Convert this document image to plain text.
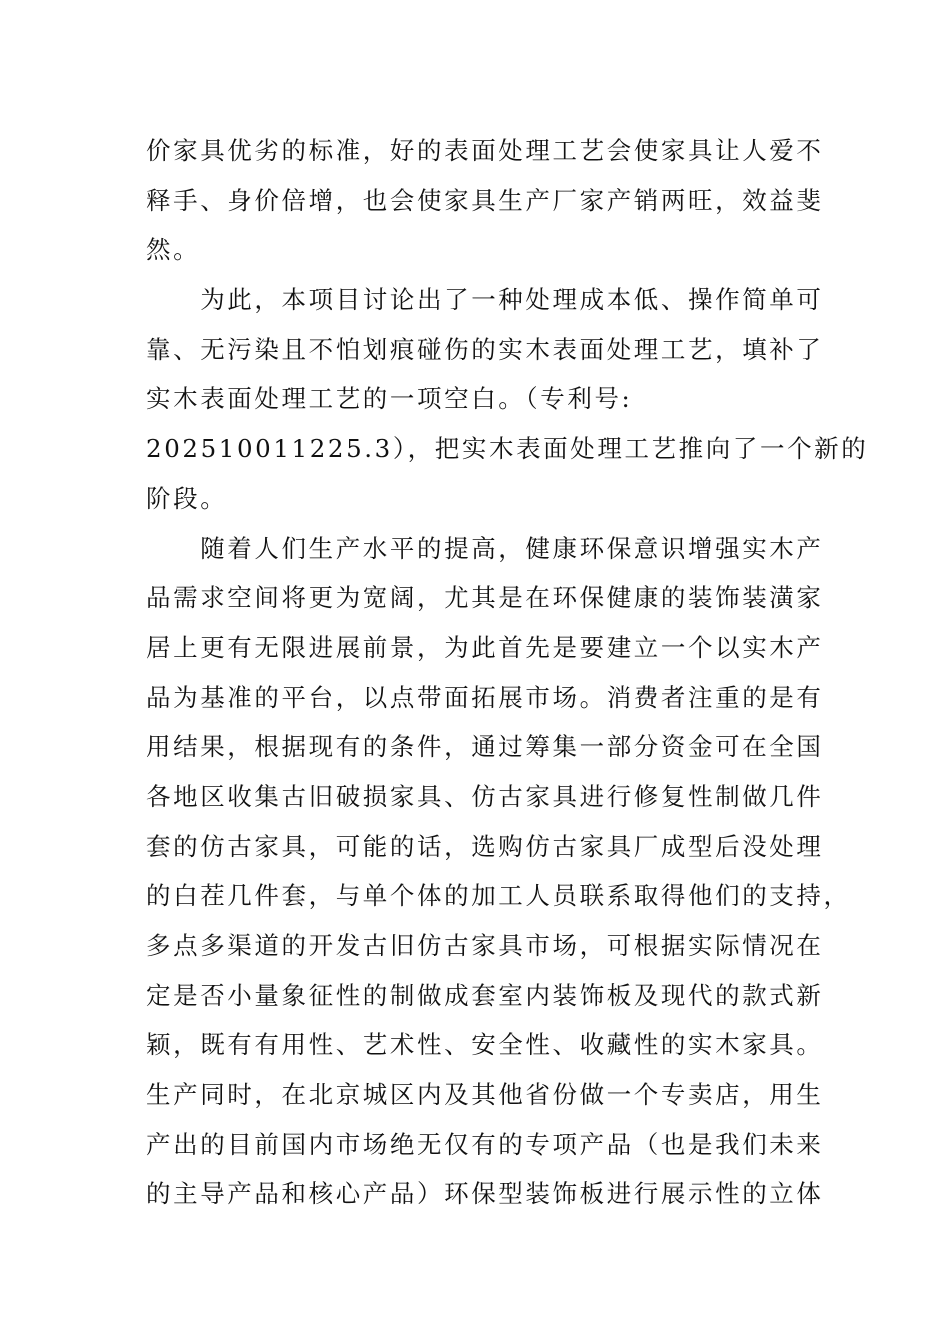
价家具优劣的标准，好的表面处理工艺会使家具让人爱不
释手、身价倍增，也会使家具生产厂家产销两旺，效益斐
然。
　　为此，本项目讨论出了一种处理成本低、操作简单可
靠、无污染且不怕划痕碰伤的实木表面处理工艺，填补了
实木表面处理工艺的一项空白。（专利号:
202510011225.3），把实木表面处理工艺推向了一个新的
阶段。
　　随着人们生产水平的提高，健康环保意识增强实木产
品需求空间将更为宽阔，尤其是在环保健康的装饰装潢家
居上更有无限进展前景，为此首先是要建立一个以实木产
品为基准的平台，以点带面拓展市场。消费者注重的是有
用结果，根据现有的条件，通过筹集一部分资金可在全国
各地区收集古旧破损家具、仿古家具进行修复性制做几件
套的仿古家具，可能的话，选购仿古家具厂成型后没处理
的白茬几件套，与单个体的加工人员联系取得他们的支持，
多点多渠道的开发古旧仿古家具市场，可根据实际情况在
定是否小量象征性的制做成套室内装饰板及现代的款式新
颖，既有有用性、艺术性、安全性、收藏性的实木家具。
生产同时，在北京城区内及其他省份做一个专卖店，用生
产出的目前国内市场绝无仅有的专项产品（也是我们未来
的主导产品和核心产品）环保型装饰板进行展示性的立体
